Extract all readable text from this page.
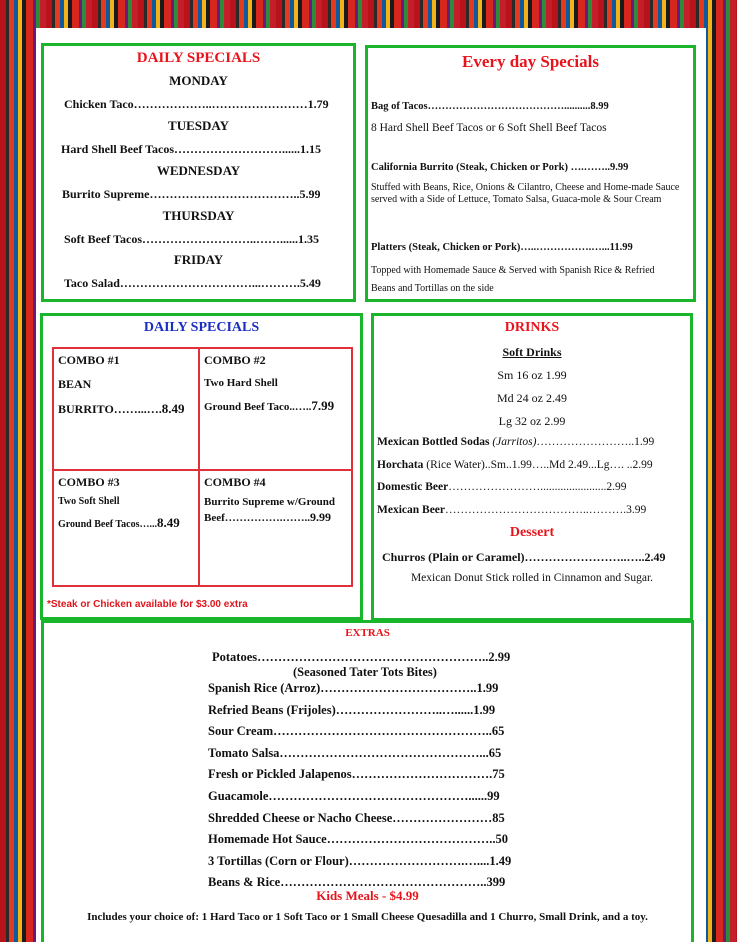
DAILY SPECIALS
MONDAY
Chicken Taco………………..……………………1.79
TUESDAY
Hard Shell Beef Tacos………………………......1.15
WEDNESDAY
Burrito Supreme………………………………..5.99
THURSDAY
Soft Beef Tacos………………………..……......1.35
FRIDAY
Taco Salad……………………………...……….5.49
Every day Specials
Bag of Tacos…………………………………..........8.99
8 Hard Shell Beef Tacos or 6 Soft Shell Beef Tacos
California Burrito (Steak, Chicken or Pork) ….……..9.99
Stuffed with Beans, Rice, Onions & Cilantro, Cheese and Home-made Sauce served with a Side of Lettuce, Tomato Salsa, Guaca-mole & Sour Cream
Platters (Steak, Chicken or Pork)…..…………….…...11.99
Topped with Homemade Sauce & Served with Spanish Rice & Refried Beans and Tortillas on the side
DAILY SPECIALS
COMBO #1
BEAN
BURRITO……...….8.49
COMBO #2
Two Hard Shell
Ground Beef Taco..…..7.99
COMBO #3
Two Soft Shell
Ground Beef Tacos…...8.49
COMBO #4
Burrito Supreme w/Ground
Beef…………….……..9.99
*Steak or Chicken available for $3.00 extra
DRINKS
Soft Drinks
Sm 16 oz 1.99
Md 24 oz 2.49
Lg 32 oz 2.99
Mexican Bottled Sodas (Jarritos)……………………..1.99
Horchata (Rice Water)..Sm..1.99…..Md 2.49...Lg…. ..2.99
Domestic Beer…………………….......................2.99
Mexican Beer………………………………..……….3.99
Dessert
Churros (Plain or Caramel)……………………..…..2.49
Mexican Donut Stick rolled in Cinnamon and Sugar.
EXTRAS
Potatoes………………………………………………..2.99
(Seasoned Tater Tots Bites)
Spanish Rice (Arroz)………………………………..1.99
Refried Beans (Frijoles)……………………..…......1.99
Sour Cream……………………………………………..65
Tomato Salsa…………………………………………...65
Fresh or Pickled Jalapenos…………………………….75
Guacamole…………………………………………......99
Shredded Cheese or Nacho Cheese……………………85
Homemade Hot Sauce…………………………………..50
3 Tortillas (Corn or Flour)……………………….…....1.49
Beans & Rice…………………………………………..399
Kids Meals - $4.99
Includes your choice of: 1 Hard Taco or 1 Soft Taco or 1 Small Cheese Quesadilla and 1 Churro, Small Drink, and a toy.
